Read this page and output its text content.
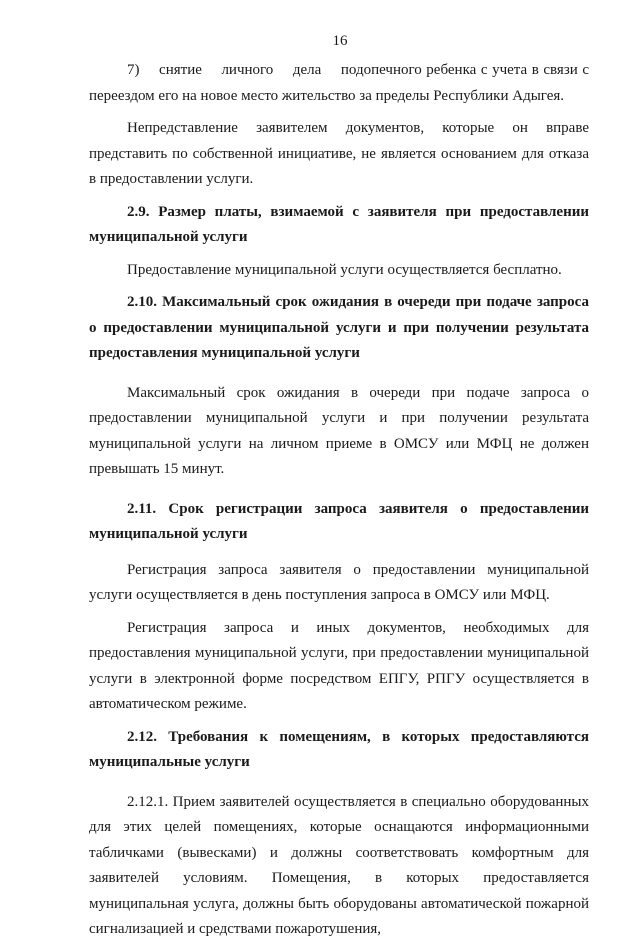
16

7)  снятие  личного  дела  подопечного ребенка с учета в связи с переездом его на новое место жительство за пределы Республики Адыгея.

Непредставление заявителем документов, которые он вправе представить по собственной инициативе, не является основанием для отказа в предоставлении услуги.

2.9. Размер платы, взимаемой с заявителя при предоставлении муниципальной услуги

Предоставление муниципальной услуги осуществляется бесплатно.

2.10. Максимальный срок ожидания в очереди при подаче запроса о предоставлении муниципальной услуги и при получении результата предоставления муниципальной услуги

Максимальный срок ожидания в очереди при подаче запроса о предоставлении муниципальной услуги и при получении результата муниципальной услуги на личном приеме в ОМСУ или МФЦ не должен превышать 15 минут.

2.11. Срок регистрации запроса заявителя о предоставлении муниципальной услуги

Регистрация запроса заявителя о предоставлении муниципальной услуги осуществляется в день поступления запроса в ОМСУ или МФЦ.

Регистрация запроса и иных документов, необходимых для предоставления муниципальной услуги, при предоставлении муниципальной услуги в электронной форме посредством ЕПГУ, РПГУ осуществляется в автоматическом режиме.

2.12. Требования к помещениям, в которых предоставляются муниципальные услуги

2.12.1. Прием заявителей осуществляется в специально оборудованных для этих целей помещениях, которые оснащаются информационными табличками (вывесками) и должны соответствовать комфортным для заявителей условиям. Помещения, в которых предоставляется муниципальная услуга, должны быть оборудованы автоматической пожарной сигнализацией и средствами пожаротушения,
